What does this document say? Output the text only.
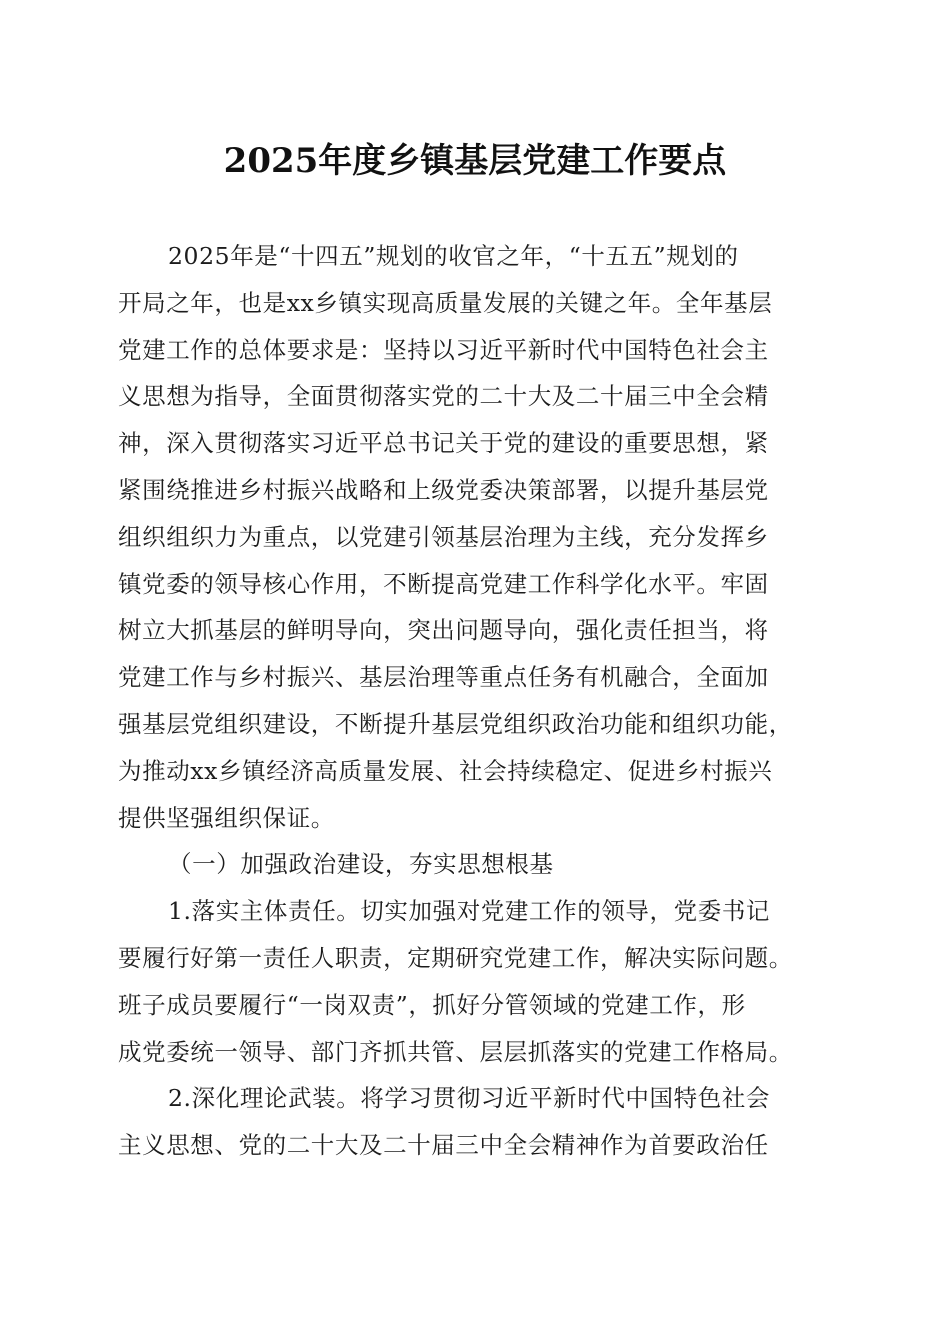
2025年度乡镇基层党建工作要点
2025年是“十四五”规划的收官之年，“十五五”规划的
开局之年，也是xx乡镇实现高质量发展的关键之年。全年基层
党建工作的总体要求是：坚持以习近平新时代中国特色社会主
义思想为指导，全面贯彻落实党的二十大及二十届三中全会精
神，深入贯彻落实习近平总书记关于党的建设的重要思想，紧
紧围绕推进乡村振兴战略和上级党委决策部署，以提升基层党
组织组织力为重点，以党建引领基层治理为主线，充分发挥乡
镇党委的领导核心作用，不断提高党建工作科学化水平。牢固
树立大抓基层的鲜明导向，突出问题导向，强化责任担当，将
党建工作与乡村振兴、基层治理等重点任务有机融合，全面加
强基层党组织建设，不断提升基层党组织政治功能和组织功能，
为推动xx乡镇经济高质量发展、社会持续稳定、促进乡村振兴
提供坚强组织保证。
（一）加强政治建设，夯实思想根基
1.落实主体责任。切实加强对党建工作的领导，党委书记
要履行好第一责任人职责，定期研究党建工作，解决实际问题。
班子成员要履行“一岗双责”，抓好分管领域的党建工作，形
成党委统一领导、部门齐抓共管、层层抓落实的党建工作格局。
2.深化理论武装。将学习贯彻习近平新时代中国特色社会
主义思想、党的二十大及二十届三中全会精神作为首要政治任
